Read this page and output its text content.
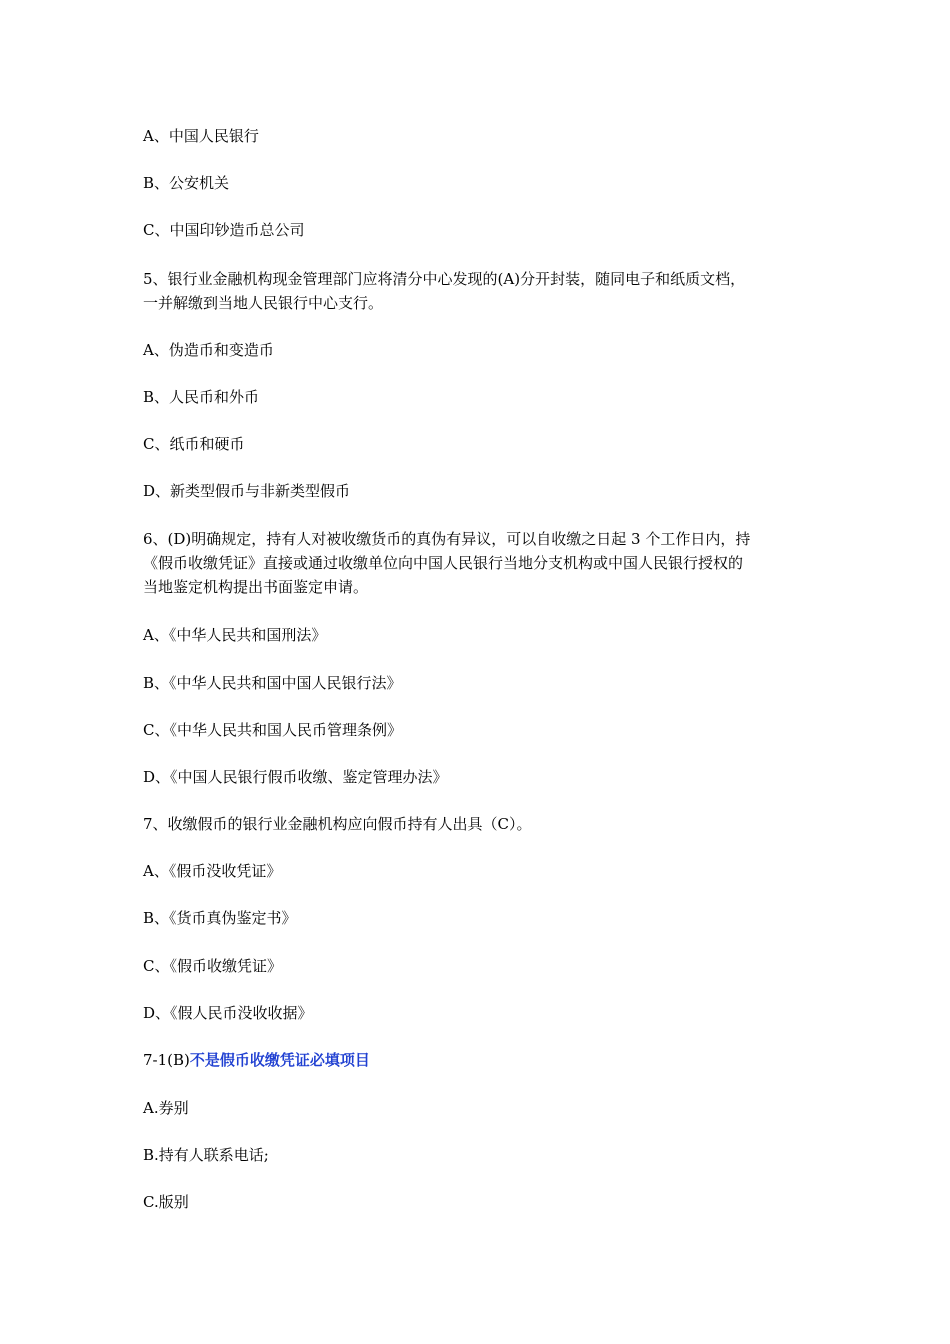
A、中国人民银行

B、公安机关

C、中国印钞造币总公司

5、银行业金融机构现金管理部门应将清分中心发现的(A)分开封装，随同电子和纸质文档，
一并解缴到当地人民银行中心支行。

A、伪造币和变造币

B、人民币和外币

C、纸币和硬币

D、新类型假币与非新类型假币

6、(D)明确规定，持有人对被收缴货币的真伪有异议，可以自收缴之日起 3 个工作日内，持
《假币收缴凭证》直接或通过收缴单位向中国人民银行当地分支机构或中国人民银行授权的
当地鉴定机构提出书面鉴定申请。

A、《中华人民共和国刑法》

B、《中华人民共和国中国人民银行法》

C、《中华人民共和国人民币管理条例》

D、《中国人民银行假币收缴、鉴定管理办法》

7、收缴假币的银行业金融机构应向假币持有人出具（C）。

A、《假币没收凭证》

B、《货币真伪鉴定书》

C、《假币收缴凭证》

D、《假人民币没收收据》

7-1(B)不是假币收缴凭证必填项目

A.券别

B.持有人联系电话;

C.版别
